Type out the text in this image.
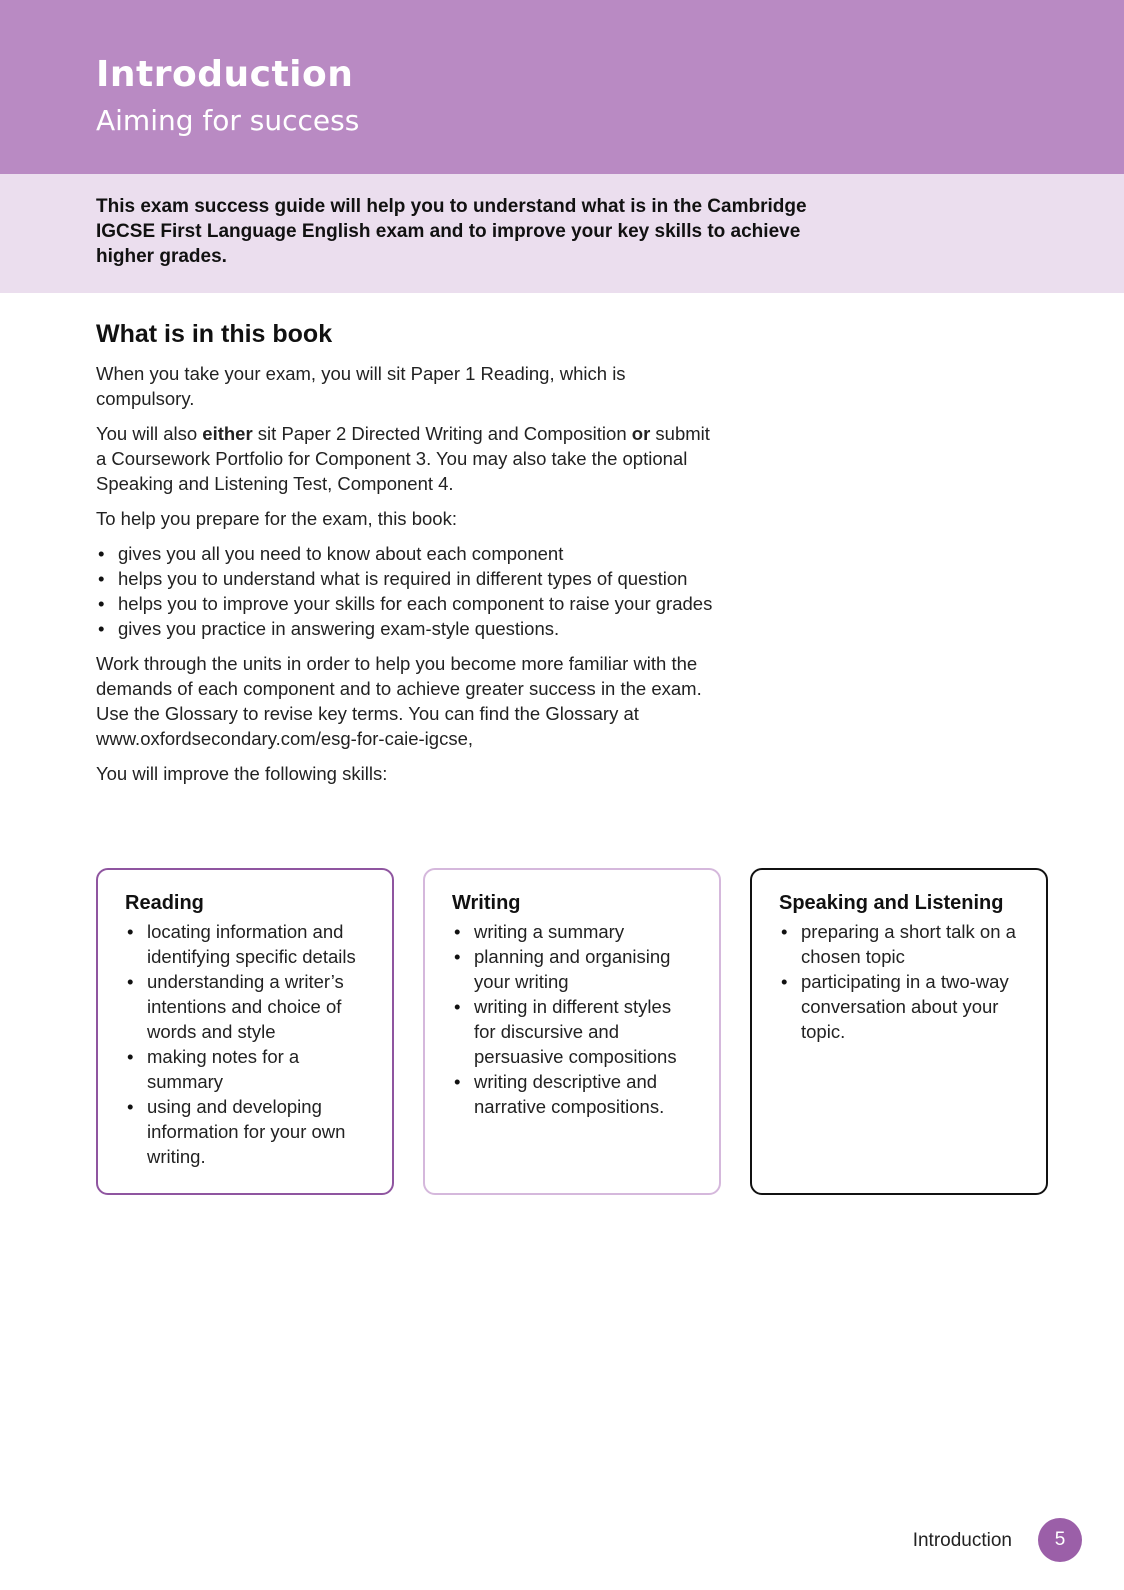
Introduction
Aiming for success

This exam success guide will help you to understand what is in the Cambridge IGCSE First Language English exam and to improve your key skills to achieve higher grades.

What is in this book

When you take your exam, you will sit Paper 1 Reading, which is compulsory.

You will also either sit Paper 2 Directed Writing and Composition or submit a Coursework Portfolio for Component 3. You may also take the optional Speaking and Listening Test, Component 4.

To help you prepare for the exam, this book:

• gives you all you need to know about each component
• helps you to understand what is required in different types of question
• helps you to improve your skills for each component to raise your grades
• gives you practice in answering exam-style questions.

Work through the units in order to help you become more familiar with the demands of each component and to achieve greater success in the exam. Use the Glossary to revise key terms. You can find the Glossary at www.oxfordsecondary.com/esg-for-caie-igcse,

You will improve the following skills:

Reading
• locating information and identifying specific details
• understanding a writer’s intentions and choice of words and style
• making notes for a summary
• using and developing information for your own writing.
Writing
• writing a summary
• planning and organising your writing
• writing in different styles for discursive and persuasive compositions
• writing descriptive and narrative compositions.
Speaking and Listening
• preparing a short talk on a chosen topic
• participating in a two-way conversation about your topic.
Introduction	5
